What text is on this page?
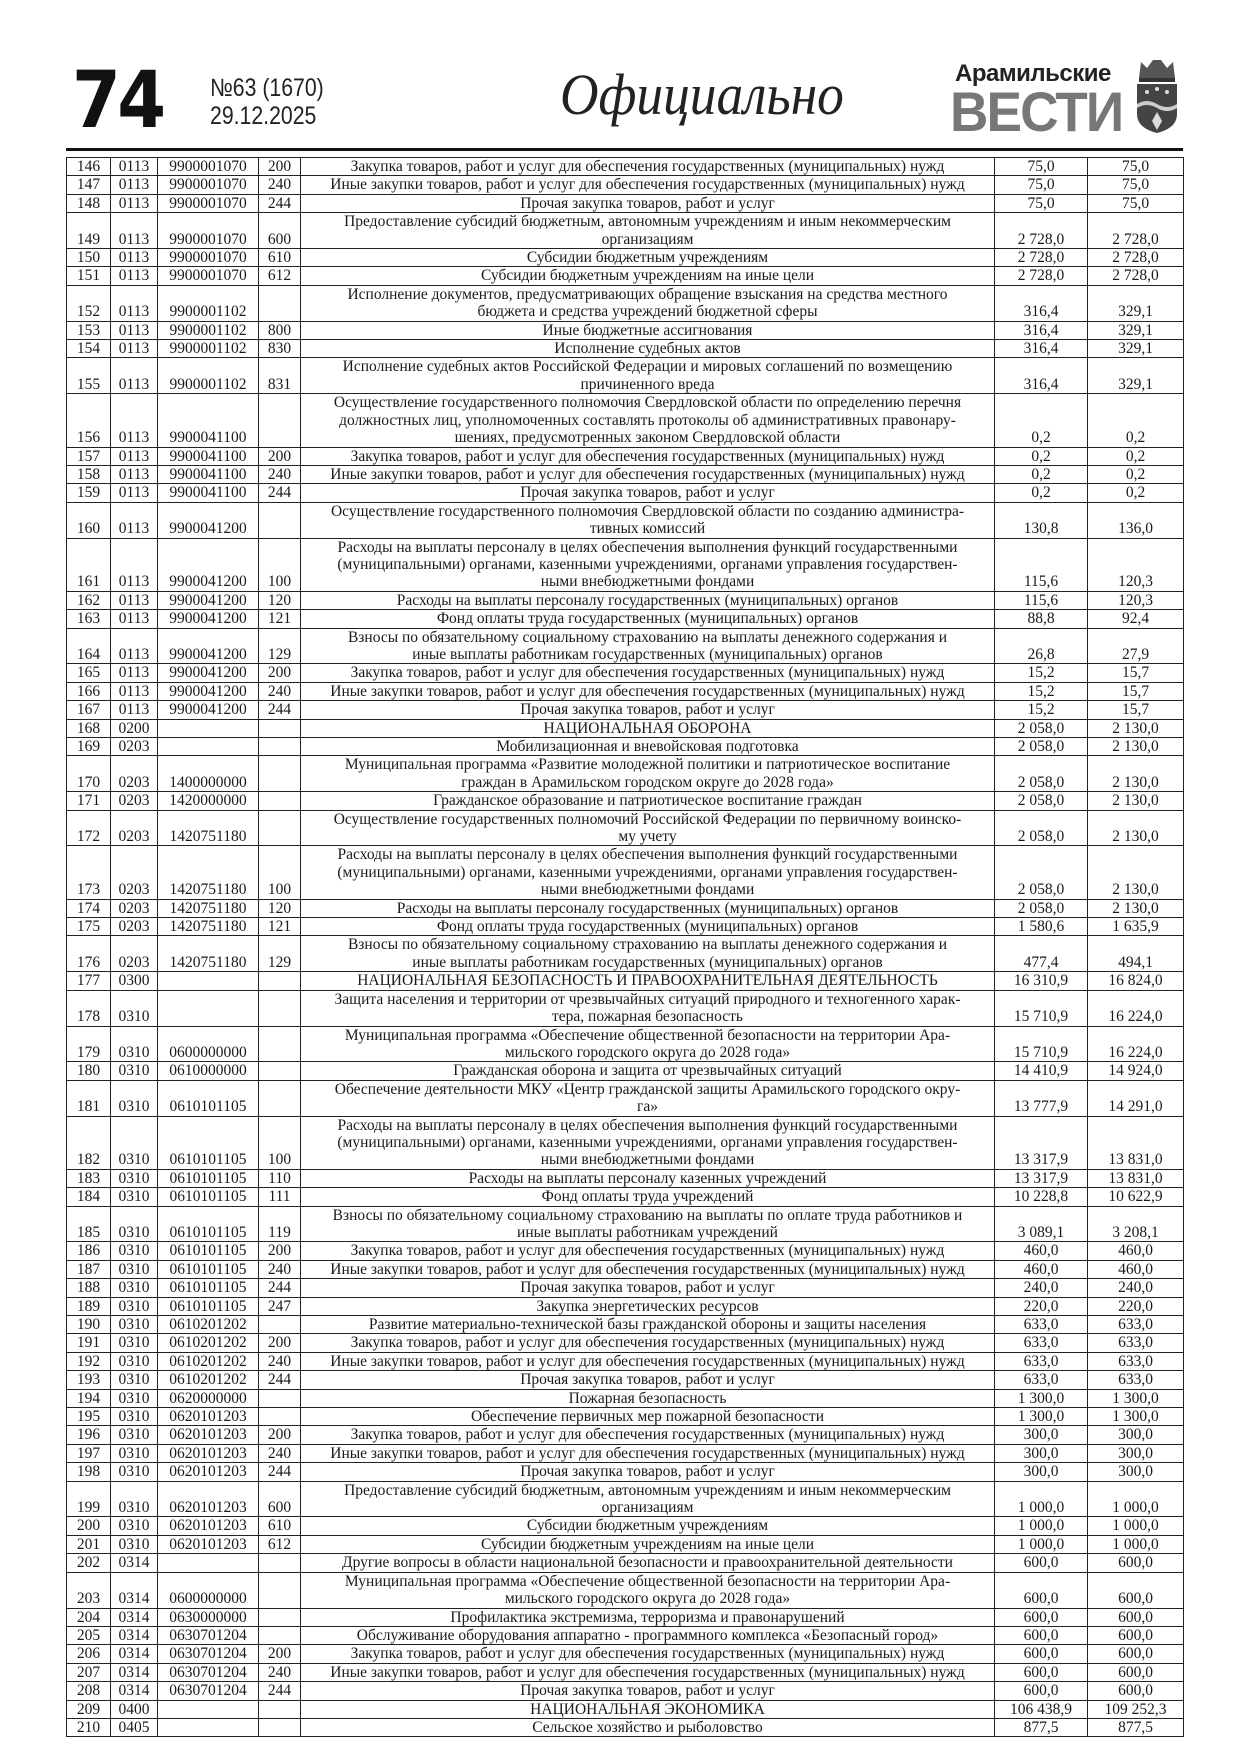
74 №63 (1670)
29.12.2025	Официально	Арамильские
ВЕСТИ
146	0113	9900001070	200	Закупка товаров, работ и услуг для обеспечения государственных (муниципальных) нужд	75,0	75,0
147	0113	9900001070	240	Иные закупки товаров, работ и услуг для обеспечения государственных (муниципальных) нужд	75,0	75,0
148	0113	9900001070	244	Прочая закупка товаров, работ и услуг	75,0	75,0
149	0113	9900001070	600	Предоставление субсидий бюджетным, автономным учреждениям и иным некоммерческим
организациям	2 728,0	2 728,0
150	0113	9900001070	610	Субсидии бюджетным учреждениям	2 728,0	2 728,0
151	0113	9900001070	612	Субсидии бюджетным учреждениям на иные цели	2 728,0	2 728,0
152	0113	9900001102		Исполнение документов, предусматривающих обращение взыскания на средства местного
бюджета и средства учреждений бюджетной сферы	316,4	329,1
153	0113	9900001102	800	Иные бюджетные ассигнования	316,4	329,1
154	0113	9900001102	830	Исполнение судебных актов	316,4	329,1
155	0113	9900001102	831	Исполнение судебных актов Российской Федерации и мировых соглашений по возмещению
причиненного вреда	316,4	329,1
156	0113	9900041100		Осуществление государственного полномочия Свердловской области по определению перечня
должностных лиц, уполномоченных составлять протоколы об административных правонару-
шениях, предусмотренных законом Свердловской области	0,2	0,2
157	0113	9900041100	200	Закупка товаров, работ и услуг для обеспечения государственных (муниципальных) нужд	0,2	0,2
158	0113	9900041100	240	Иные закупки товаров, работ и услуг для обеспечения государственных (муниципальных) нужд	0,2	0,2
159	0113	9900041100	244	Прочая закупка товаров, работ и услуг	0,2	0,2
160	0113	9900041200		Осуществление государственного полномочия Свердловской области по созданию администра-
тивных комиссий	130,8	136,0
161	0113	9900041200	100	Расходы на выплаты персоналу в целях обеспечения выполнения функций государственными
(муниципальными) органами, казенными учреждениями, органами управления государствен-
ными внебюджетными фондами	115,6	120,3
162	0113	9900041200	120	Расходы на выплаты персоналу государственных (муниципальных) органов	115,6	120,3
163	0113	9900041200	121	Фонд оплаты труда государственных (муниципальных) органов	88,8	92,4
164	0113	9900041200	129	Взносы по обязательному социальному страхованию на выплаты денежного содержания и
иные выплаты работникам государственных (муниципальных) органов	26,8	27,9
165	0113	9900041200	200	Закупка товаров, работ и услуг для обеспечения государственных (муниципальных) нужд	15,2	15,7
166	0113	9900041200	240	Иные закупки товаров, работ и услуг для обеспечения государственных (муниципальных) нужд	15,2	15,7
167	0113	9900041200	244	Прочая закупка товаров, работ и услуг	15,2	15,7
168	0200			НАЦИОНАЛЬНАЯ ОБОРОНА	2 058,0	2 130,0
169	0203			Мобилизационная и вневойсковая подготовка	2 058,0	2 130,0
170	0203	1400000000		Муниципальная программа «Развитие молодежной политики и патриотическое воспитание
граждан в Арамильском городском округе до 2028 года»	2 058,0	2 130,0
171	0203	1420000000		Гражданское образование и патриотическое воспитание граждан	2 058,0	2 130,0
172	0203	1420751180		Осуществление государственных полномочий Российской Федерации по первичному воинско-
му учету	2 058,0	2 130,0
173	0203	1420751180	100	Расходы на выплаты персоналу в целях обеспечения выполнения функций государственными
(муниципальными) органами, казенными учреждениями, органами управления государствен-
ными внебюджетными фондами	2 058,0	2 130,0
174	0203	1420751180	120	Расходы на выплаты персоналу государственных (муниципальных) органов	2 058,0	2 130,0
175	0203	1420751180	121	Фонд оплаты труда государственных (муниципальных) органов	1 580,6	1 635,9
176	0203	1420751180	129	Взносы по обязательному социальному страхованию на выплаты денежного содержания и
иные выплаты работникам государственных (муниципальных) органов	477,4	494,1
177	0300			НАЦИОНАЛЬНАЯ БЕЗОПАСНОСТЬ И ПРАВООХРАНИТЕЛЬНАЯ ДЕЯТЕЛЬНОСТЬ	16 310,9	16 824,0
178	0310			Защита населения и территории от чрезвычайных ситуаций природного и техногенного харак-
тера, пожарная безопасность	15 710,9	16 224,0
179	0310	0600000000		Муниципальная программа «Обеспечение общественной безопасности на территории Ара-
мильского городского округа до 2028 года»	15 710,9	16 224,0
180	0310	0610000000		Гражданская оборона и защита от чрезвычайных ситуаций	14 410,9	14 924,0
181	0310	0610101105		Обеспечение деятельности МКУ «Центр гражданской защиты Арамильского городского окру-
га»	13 777,9	14 291,0
182	0310	0610101105	100	Расходы на выплаты персоналу в целях обеспечения выполнения функций государственными
(муниципальными) органами, казенными учреждениями, органами управления государствен-
ными внебюджетными фондами	13 317,9	13 831,0
183	0310	0610101105	110	Расходы на выплаты персоналу казенных учреждений	13 317,9	13 831,0
184	0310	0610101105	111	Фонд оплаты труда учреждений	10 228,8	10 622,9
185	0310	0610101105	119	Взносы по обязательному социальному страхованию на выплаты по оплате труда работников и
иные выплаты работникам учреждений	3 089,1	3 208,1
186	0310	0610101105	200	Закупка товаров, работ и услуг для обеспечения государственных (муниципальных) нужд	460,0	460,0
187	0310	0610101105	240	Иные закупки товаров, работ и услуг для обеспечения государственных (муниципальных) нужд	460,0	460,0
188	0310	0610101105	244	Прочая закупка товаров, работ и услуг	240,0	240,0
189	0310	0610101105	247	Закупка энергетических ресурсов	220,0	220,0
190	0310	0610201202		Развитие материально-технической базы гражданской обороны и защиты населения	633,0	633,0
191	0310	0610201202	200	Закупка товаров, работ и услуг для обеспечения государственных (муниципальных) нужд	633,0	633,0
192	0310	0610201202	240	Иные закупки товаров, работ и услуг для обеспечения государственных (муниципальных) нужд	633,0	633,0
193	0310	0610201202	244	Прочая закупка товаров, работ и услуг	633,0	633,0
194	0310	0620000000		Пожарная безопасность	1 300,0	1 300,0
195	0310	0620101203		Обеспечение первичных мер пожарной безопасности	1 300,0	1 300,0
196	0310	0620101203	200	Закупка товаров, работ и услуг для обеспечения государственных (муниципальных) нужд	300,0	300,0
197	0310	0620101203	240	Иные закупки товаров, работ и услуг для обеспечения государственных (муниципальных) нужд	300,0	300,0
198	0310	0620101203	244	Прочая закупка товаров, работ и услуг	300,0	300,0
199	0310	0620101203	600	Предоставление субсидий бюджетным, автономным учреждениям и иным некоммерческим
организациям	1 000,0	1 000,0
200	0310	0620101203	610	Субсидии бюджетным учреждениям	1 000,0	1 000,0
201	0310	0620101203	612	Субсидии бюджетным учреждениям на иные цели	1 000,0	1 000,0
202	0314			Другие вопросы в области национальной безопасности и правоохранительной деятельности	600,0	600,0
203	0314	0600000000		Муниципальная программа «Обеспечение общественной безопасности на территории Ара-
мильского городского округа до 2028 года»	600,0	600,0
204	0314	0630000000		Профилактика экстремизма, терроризма и правонарушений	600,0	600,0
205	0314	0630701204		Обслуживание оборудования аппаратно - программного комплекса «Безопасный город»	600,0	600,0
206	0314	0630701204	200	Закупка товаров, работ и услуг для обеспечения государственных (муниципальных) нужд	600,0	600,0
207	0314	0630701204	240	Иные закупки товаров, работ и услуг для обеспечения государственных (муниципальных) нужд	600,0	600,0
208	0314	0630701204	244	Прочая закупка товаров, работ и услуг	600,0	600,0
209	0400			НАЦИОНАЛЬНАЯ ЭКОНОМИКА	106 438,9	109 252,3
210	0405			Сельское хозяйство и рыболовство	877,5	877,5
